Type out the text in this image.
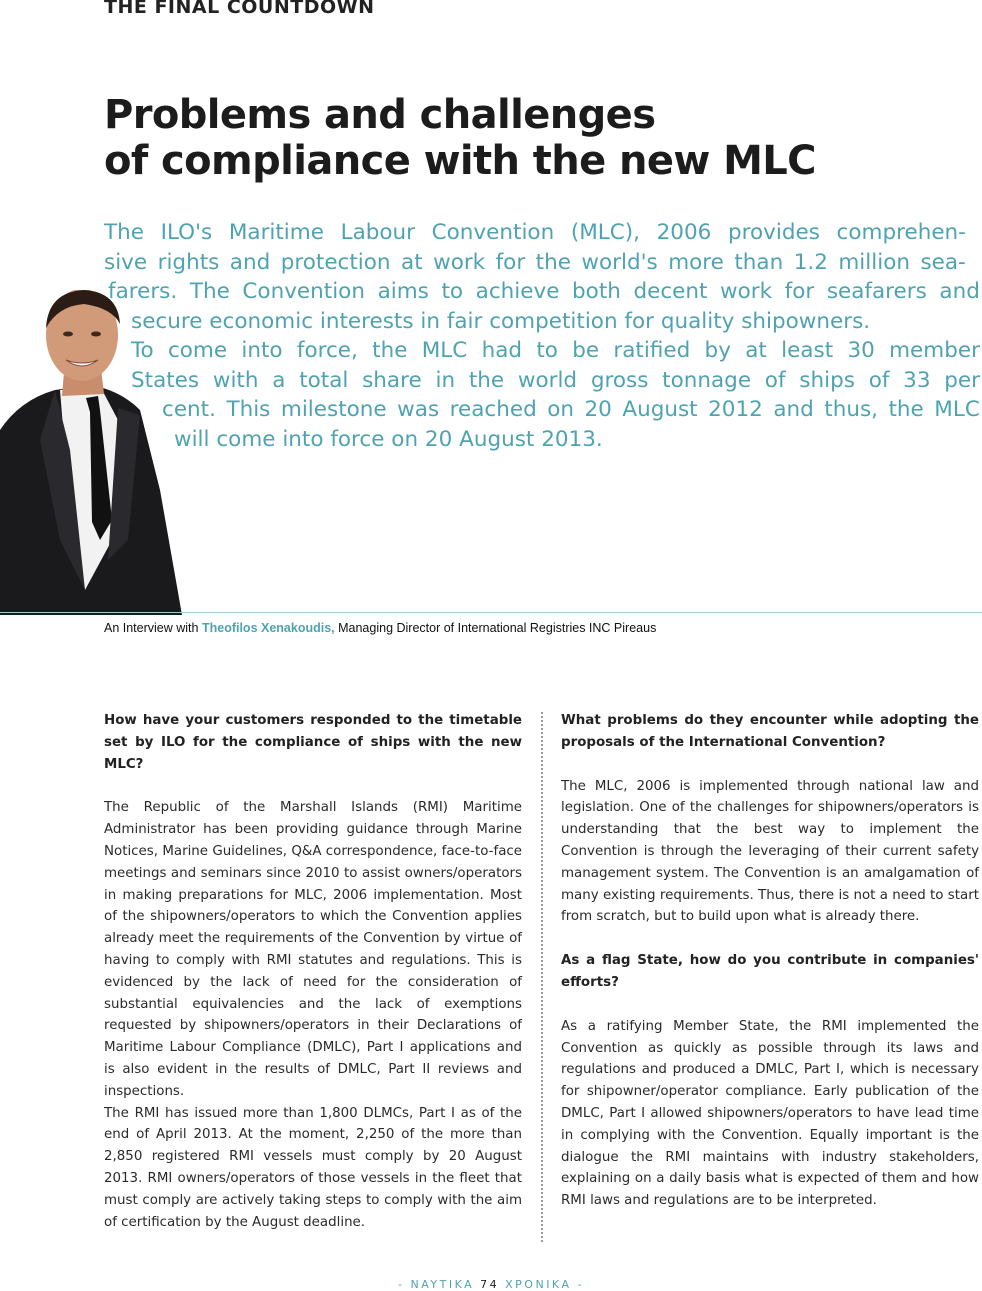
THE FINAL COUNTDOWN
Problems and challenges
of compliance with the new MLC
The ILO's Maritime Labour Convention (MLC), 2006 provides comprehen-
sive rights and protection at work for the world's more than 1.2 million sea-
farers. The Convention aims to achieve both decent work for seafarers and
secure economic interests in fair competition for quality shipowners.
To come into force, the MLC had to be ratified by at least 30 member
States with a total share in the world gross tonnage of ships of 33 per
cent. This milestone was reached on 20 August 2012 and thus, the MLC
will come into force on 20 August 2013.
An Interview with Theofilos Xenakoudis, Managing Director of International Registries INC Pireaus

How have your customers responded to the timetable set by ILO for the compliance of ships with the new MLC?

The Republic of the Marshall Islands (RMI) Maritime Administrator has been providing guidance through Marine Notices, Marine Guidelines, Q&A correspondence, face-to-face meetings and seminars since 2010 to assist owners/operators in making preparations for MLC, 2006 implementation. Most of the shipowners/operators to which the Convention applies already meet the requirements of the Convention by virtue of having to comply with RMI statutes and regulations. This is evidenced by the lack of need for the consideration of substantial equivalencies and the lack of exemptions requested by shipowners/operators in their Declarations of Maritime Labour Compliance (DMLC), Part I applications and is also evident in the results of DMLC, Part II reviews and inspections.

The RMI has issued more than 1,800 DLMCs, Part I as of the end of April 2013. At the moment, 2,250 of the more than 2,850 registered RMI vessels must comply by 20 August 2013. RMI owners/operators of those vessels in the fleet that must comply are actively taking steps to comply with the aim of certification by the August deadline.

What problems do they encounter while adopting the proposals of the International Convention?

The MLC, 2006 is implemented through national law and legislation. One of the challenges for shipowners/operators is understanding that the best way to implement the Convention is through the leveraging of their current safety management system. The Convention is an amalgamation of many existing requirements. Thus, there is not a need to start from scratch, but to build upon what is already there.

As a flag State, how do you contribute in companies' efforts?

As a ratifying Member State, the RMI implemented the Convention as quickly as possible through its laws and regulations and produced a DMLC, Part I, which is necessary for shipowner/operator compliance. Early publication of the DMLC, Part I allowed shipowners/operators to have lead time in complying with the Convention. Equally important is the dialogue the RMI maintains with industry stakeholders, explaining on a daily basis what is expected of them and how RMI laws and regulations are to be interpreted.

- NAYTIKA 74 XPONIKA -
